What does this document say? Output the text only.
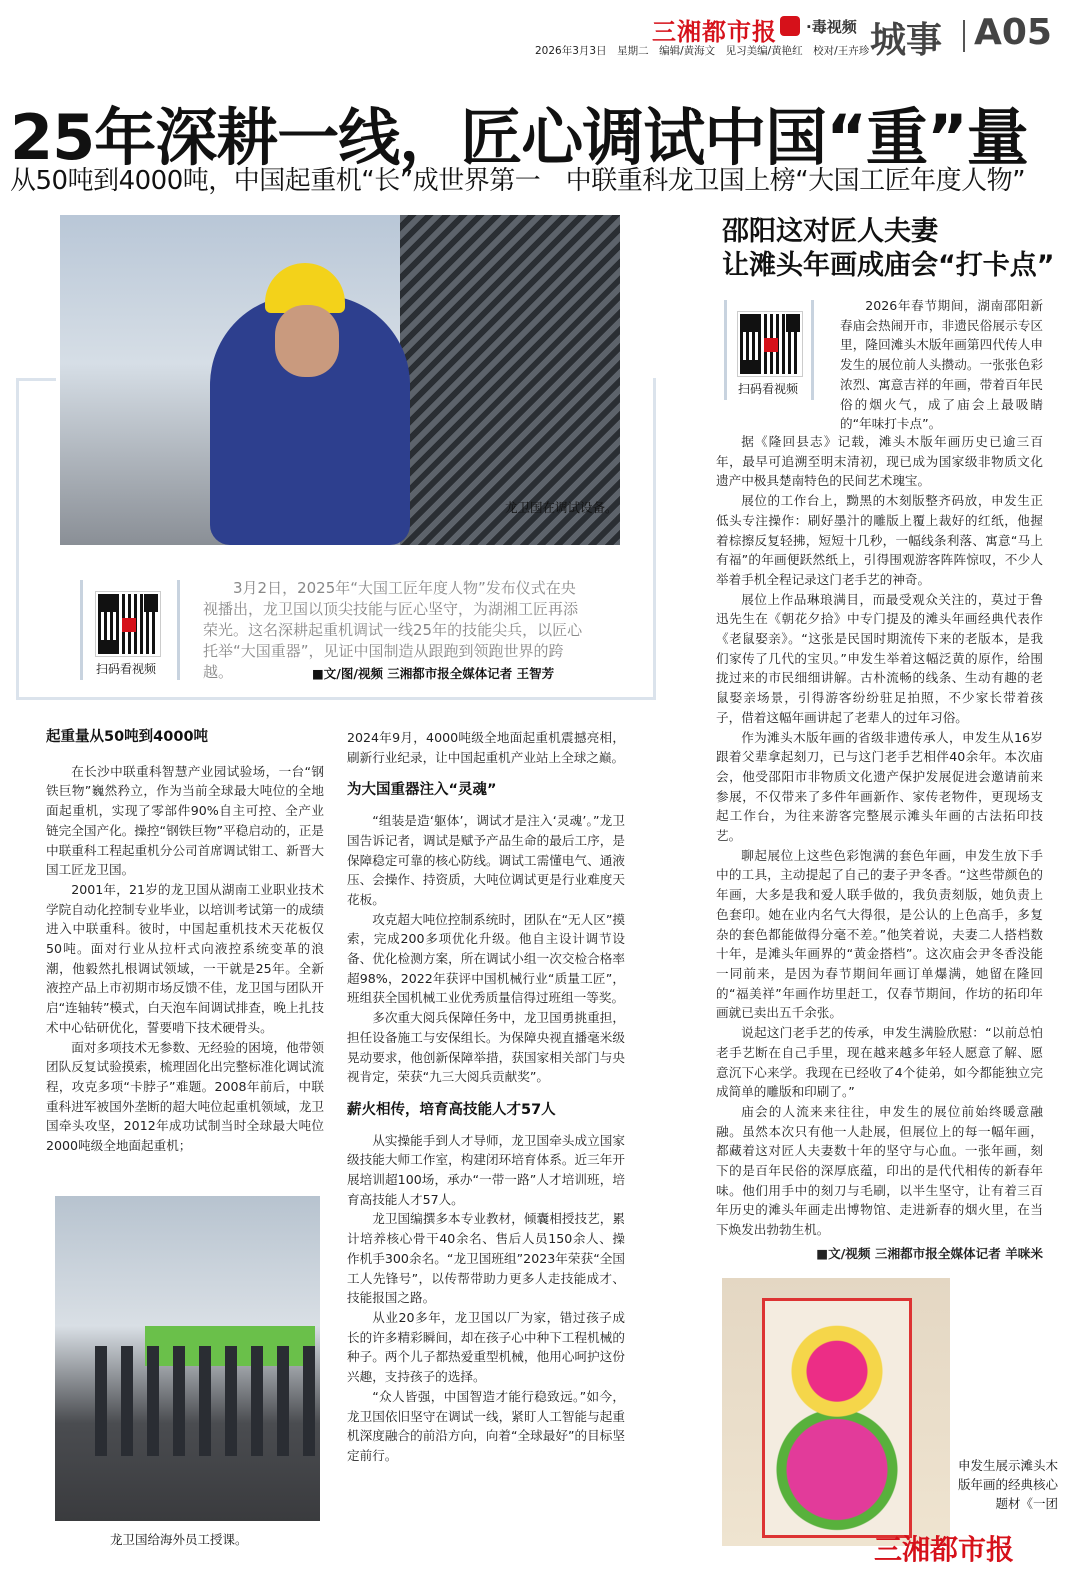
三湘都市报 ·毒视频 城事 A05
2026年3月3日　星期二　编辑/黄海文　见习美编/黄艳红　校对/王卉珍
25年深耕一线，匠心调试中国“重”量
从50吨到4000吨，中国起重机“长”成世界第一　中联重科龙卫国上榜“大国工匠年度人物”
龙卫国在调试设备。
扫码看视频
3月2日，2025年“大国工匠年度人物”发布仪式在央视播出，龙卫国以顶尖技能与匠心坚守，为湖湘工匠再添荣光。这名深耕起重机调试一线25年的技能尖兵，以匠心托举“大国重器”，见证中国制造从跟跑到领跑世界的跨越。	■文/图/视频 三湘都市报全媒体记者 王智芳
起重量从50吨到4000吨

在长沙中联重科智慧产业园试验场，一台“钢铁巨物”巍然矜立，作为当前全球最大吨位的全地面起重机，实现了零部件90%自主可控、全产业链完全国产化。操控“钢铁巨物”平稳启动的，正是中联重科工程起重机分公司首席调试钳工、新晋大国工匠龙卫国。

2001年，21岁的龙卫国从湖南工业职业技术学院自动化控制专业毕业，以培训考试第一的成绩进入中联重科。彼时，中国起重机技术天花板仅50吨。面对行业从拉杆式向液控系统变革的浪潮，他毅然扎根调试领域，一干就是25年。全新液控产品上市初期市场反馈不佳，龙卫国与团队开启“连轴转”模式，白天泡车间调试排查，晚上扎技术中心钻研优化，誓要啃下技术硬骨头。

面对多项技术无参数、无经验的困境，他带领团队反复试验摸索，梳理固化出完整标准化调试流程，攻克多项“卡脖子”难题。2008年前后，中联重科进军被国外垄断的超大吨位起重机领域，龙卫国牵头攻坚，2012年成功试制当时全球最大吨位2000吨级全地面起重机；

龙卫国给海外员工授课。

2024年9月，4000吨级全地面起重机震撼亮相，刷新行业纪录，让中国起重机产业站上全球之巅。

为大国重器注入“灵魂”

“组装是造‘躯体’，调试才是注入‘灵魂’。”龙卫国告诉记者，调试是赋予产品生命的最后工序，是保障稳定可靠的核心防线。调试工需懂电气、通液压、会操作、持资质，大吨位调试更是行业难度天花板。

攻克超大吨位控制系统时，团队在“无人区”摸索，完成200多项优化升级。他自主设计调节设备、优化检测方案，所在调试小组一次交检合格率超98%，2022年获评中国机械行业“质量工匠”，班组获全国机械工业优秀质量信得过班组一等奖。

多次重大阅兵保障任务中，龙卫国勇挑重担，担任设备施工与安保组长。为保障央视直播毫米级晃动要求，他创新保障举措，获国家相关部门与央视肯定，荣获“九三大阅兵贡献奖”。

薪火相传，培育高技能人才57人

从实操能手到人才导师，龙卫国牵头成立国家级技能大师工作室，构建闭环培育体系。近三年开展培训超100场，承办“一带一路”人才培训班，培育高技能人才57人。

龙卫国编撰多本专业教材，倾囊相授技艺，累计培养核心骨干40余名、售后人员150余人、操作机手300余名。“龙卫国班组”2023年荣获“全国工人先锋号”，以传帮带助力更多人走技能成才、技能报国之路。

从业20多年，龙卫国以厂为家，错过孩子成长的许多精彩瞬间，却在孩子心中种下工程机械的种子。两个儿子都热爱重型机械，他用心呵护这份兴趣，支持孩子的选择。

“众人皆强，中国智造才能行稳致远。”如今，龙卫国依旧坚守在调试一线，紧盯人工智能与起重机深度融合的前沿方向，向着“全球最好”的目标坚定前行。

邵阳这对匠人夫妻
让滩头年画成庙会“打卡点”
扫码看视频

2026年春节期间，湖南邵阳新春庙会热闹开市，非遗民俗展示专区里，隆回滩头木版年画第四代传人申发生的展位前人头攒动。一张张色彩浓烈、寓意吉祥的年画，带着百年民俗的烟火气，成了庙会上最吸睛的“年味打卡点”。

据《隆回县志》记载，滩头木版年画历史已逾三百年，最早可追溯至明末清初，现已成为国家级非物质文化遗产中极具楚南特色的民间艺术瑰宝。

展位的工作台上，黝黑的木刻版整齐码放，申发生正低头专注操作：刷好墨汁的雕版上覆上裁好的红纸，他握着棕擦反复轻拂，短短十几秒，一幅线条利落、寓意“马上有福”的年画便跃然纸上，引得围观游客阵阵惊叹，不少人举着手机全程记录这门老手艺的神奇。

展位上作品琳琅满目，而最受观众关注的，莫过于鲁迅先生在《朝花夕拾》中专门提及的滩头年画经典代表作《老鼠娶亲》。“这张是民国时期流传下来的老版本，是我们家传了几代的宝贝。”申发生举着这幅泛黄的原作，给围拢过来的市民细细讲解。古朴流畅的线条、生动有趣的老鼠娶亲场景，引得游客纷纷驻足拍照，不少家长带着孩子，借着这幅年画讲起了老辈人的过年习俗。

作为滩头木版年画的省级非遗传承人，申发生从16岁跟着父辈拿起刻刀，已与这门老手艺相伴40余年。本次庙会，他受邵阳市非物质文化遗产保护发展促进会邀请前来参展，不仅带来了多件年画新作、家传老物件，更现场支起工作台，为往来游客完整展示滩头年画的古法拓印技艺。

聊起展位上这些色彩饱满的套色年画，申发生放下手中的工具，主动提起了自己的妻子尹冬香。“这些带颜色的年画，大多是我和爱人联手做的，我负责刻版，她负责上色套印。她在业内名气大得很，是公认的上色高手，多复杂的套色都能做得分毫不差。”他笑着说，夫妻二人搭档数十年，是滩头年画界的“黄金搭档”。这次庙会尹冬香没能一同前来，是因为春节期间年画订单爆满，她留在隆回的“福美祥”年画作坊里赶工，仅春节期间，作坊的拓印年画就已卖出五千余张。

说起这门老手艺的传承，申发生满脸欣慰：“以前总怕老手艺断在自己手里，现在越来越多年轻人愿意了解、愿意沉下心来学。我现在已经收了4个徒弟，如今都能独立完成简单的雕版和印刷了。”

庙会的人流来来往往，申发生的展位前始终暖意融融。虽然本次只有他一人赴展，但展位上的每一幅年画，都藏着这对匠人夫妻数十年的坚守与心血。一张年画，刻下的是百年民俗的深厚底蕴，印出的是代代相传的新春年味。他们用手中的刻刀与毛刷，以半生坚守，让有着三百年历史的滩头年画走出博物馆、走进新春的烟火里，在当下焕发出勃勃生机。

■文/视频 三湘都市报全媒体记者 羊咪米
申发生展示滩头木版年画的经典核心题材《一团
三湘都市报
